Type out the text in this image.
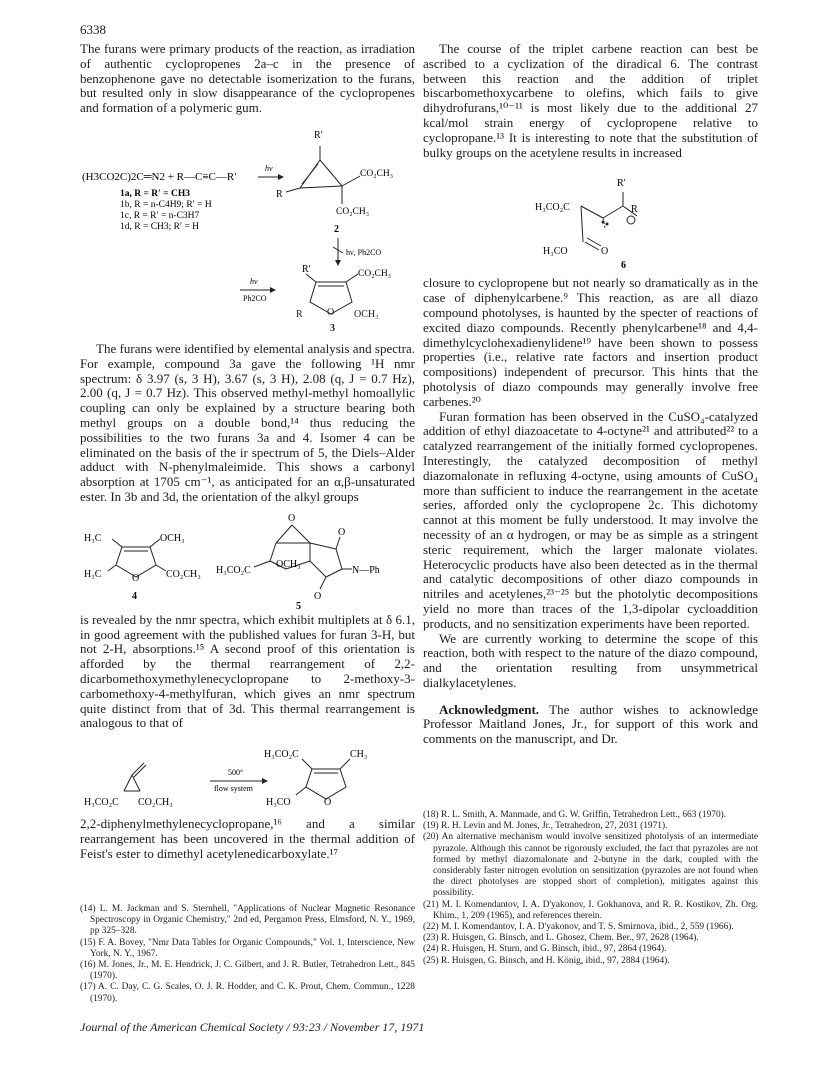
6338

The furans were primary products of the reaction, as irradiation of authentic cyclopropenes 2a–c in the presence of benzophenone gave no detectable isomerization to the furans, but resulted only in slow disappearance of the cyclopropenes and formation of a polymeric gum.

(H3CO2C)2C═N2 + R—C≡C—R′
hν
1a, R = R′ = CH3
1b, R = n-C4H9; R′ = H
1c, R = R′ = n-C3H7
1d, R = CH3; R′ = H
R′
R
CO₂CH₃
CO₂CH₃
2
hν, Ph2CO
hν
Ph2CO
R′	CO₂CH₃
R O OCH₃
3

The furans were identified by elemental analysis and spectra. For example, compound 3a gave the following ¹H nmr spectrum: δ 3.97 (s, 3 H), 3.67 (s, 3 H), 2.08 (q, J = 0.7 Hz), 2.00 (q, J = 0.7 Hz). This observed methyl-methyl homoallylic coupling can only be explained by a structure bearing both methyl groups on a double bond,¹⁴ thus reducing the possibilities to the two furans 3a and 4. Isomer 4 can be eliminated on the basis of the ir spectrum of 5, the Diels–Alder adduct with N-phenylmaleimide. This shows a carbonyl absorption at 1705 cm⁻¹, as anticipated for an α,β-unsaturated ester. In 3b and 3d, the orientation of the alkyl groups

H₃C	OCH₃
H₃C	O	CO₂CH₃
4
O
H₃CO₂C
OCH₃
O
O
N—Ph
5

is revealed by the nmr spectra, which exhibit multiplets at δ 6.1, in good agreement with the published values for furan 3-H, but not 2-H, absorptions.¹⁵ A second proof of this orientation is afforded by the thermal rearrangement of 2,2-dicarbomethoxymethylenecyclopropane to 2-methoxy-3-carbomethoxy-4-methylfuran, which gives an nmr spectrum quite distinct from that of 3d. This thermal rearrangement is analogous to that of

H₃CO₂C CO₂CH₃
500°
flow system
H₃CO₂C	CH₃
H₃CO	O

2,2-diphenylmethylenecyclopropane,¹⁶ and a similar rearrangement has been uncovered in the thermal addition of Feist's ester to dimethyl acetylenedicarboxylate.¹⁷

(14) L. M. Jackman and S. Sternhell, "Applications of Nuclear Magnetic Resonance Spectroscopy in Organic Chemistry," 2nd ed, Pergamon Press, Elmsford, N. Y., 1969, pp 325–328.

(15) F. A. Bovey, "Nmr Data Tables for Organic Compounds," Vol. 1, Interscience, New York, N. Y., 1967.

(16) M. Jones, Jr., M. E. Hendrick, J. C. Gilbert, and J. R. Butler, Tetrahedron Lett., 845 (1970).

(17) A. C. Day, C. G. Scales, O. J. R. Hodder, and C. K. Prout, Chem. Commun., 1228 (1970).

The course of the triplet carbene reaction can best be ascribed to a cyclization of the diradical 6. The contrast between this reaction and the addition of triplet biscarbomethoxycarbene to olefins, which fails to give dihydrofurans,¹⁰⁻¹¹ is most likely due to the additional 27 kcal/mol strain energy of cyclopropene relative to cyclopropane.¹³ It is interesting to note that the substitution of bulky groups on the acetylene results in increased

R′
R
H₃CO₂C
H₃CO	O
6

closure to cyclopropene but not nearly so dramatically as in the case of diphenylcarbene.⁹ This reaction, as are all diazo compound photolyses, is haunted by the specter of reactions of excited diazo compounds. Recently phenylcarbene¹⁸ and 4,4-dimethylcyclohexadienylidene¹⁹ have been shown to possess properties (i.e., relative rate factors and insertion product compositions) independent of precursor. This hints that the photolysis of diazo compounds may generally involve free carbenes.²⁰

Furan formation has been observed in the CuSO₄-catalyzed addition of ethyl diazoacetate to 4-octyne²¹ and attributed²² to a catalyzed rearrangement of the initially formed cyclopropenes. Interestingly, the catalyzed decomposition of methyl diazomalonate in refluxing 4-octyne, using amounts of CuSO₄ more than sufficient to induce the rearrangement in the acetate series, afforded only the cyclopropene 2c. This dichotomy cannot at this moment be fully understood. It may involve the necessity of an α hydrogen, or may be as simple as a stringent steric requirement, which the larger malonate violates. Heterocyclic products have also been detected as in the thermal and catalytic decompositions of other diazo compounds in nitriles and acetylenes,²³⁻²⁵ but the photolytic decompositions yield no more than traces of the 1,3-dipolar cycloaddition products, and no sensitization experiments have been reported.

We are currently working to determine the scope of this reaction, both with respect to the nature of the diazo compound, and the orientation resulting from unsymmetrical dialkylacetylenes.

Acknowledgment. The author wishes to acknowledge Professor Maitland Jones, Jr., for support of this work and comments on the manuscript, and Dr.

(18) R. L. Smith, A. Manmade, and G. W. Griffin, Tetrahedron Lett., 663 (1970).

(19) R. H. Levin and M. Jones, Jr., Tetrahedron, 27, 2031 (1971).

(20) An alternative mechanism would involve sensitized photolysis of an intermediate pyrazole. Although this cannot be rigorously excluded, the fact that pyrazoles are not formed by methyl diazomalonate and 2-butyne in the dark, coupled with the considerably faster nitrogen evolution on sensitization (pyrazoles are not found when the direct photolyses are stopped short of completion), mitigates against this possibility.

(21) M. I. Komendantov, I. A. D'yakonov, I. Gokhanova, and R. R. Kostikov, Zh. Org. Khim., 1, 209 (1965), and references therein.

(22) M. I. Komendantov, I. A. D'yakonov, and T. S. Smirnova, ibid., 2, 559 (1966).

(23) R. Huisgen, G. Binsch, and L. Ghosez, Chem. Ber., 97, 2628 (1964).

(24) R. Huisgen, H. Sturn, and G. Binsch, ibid., 97, 2864 (1964).

(25) R. Huisgen, G. Binsch, and H. König, ibid., 97, 2884 (1964).

Journal of the American Chemical Society / 93:23 / November 17, 1971
